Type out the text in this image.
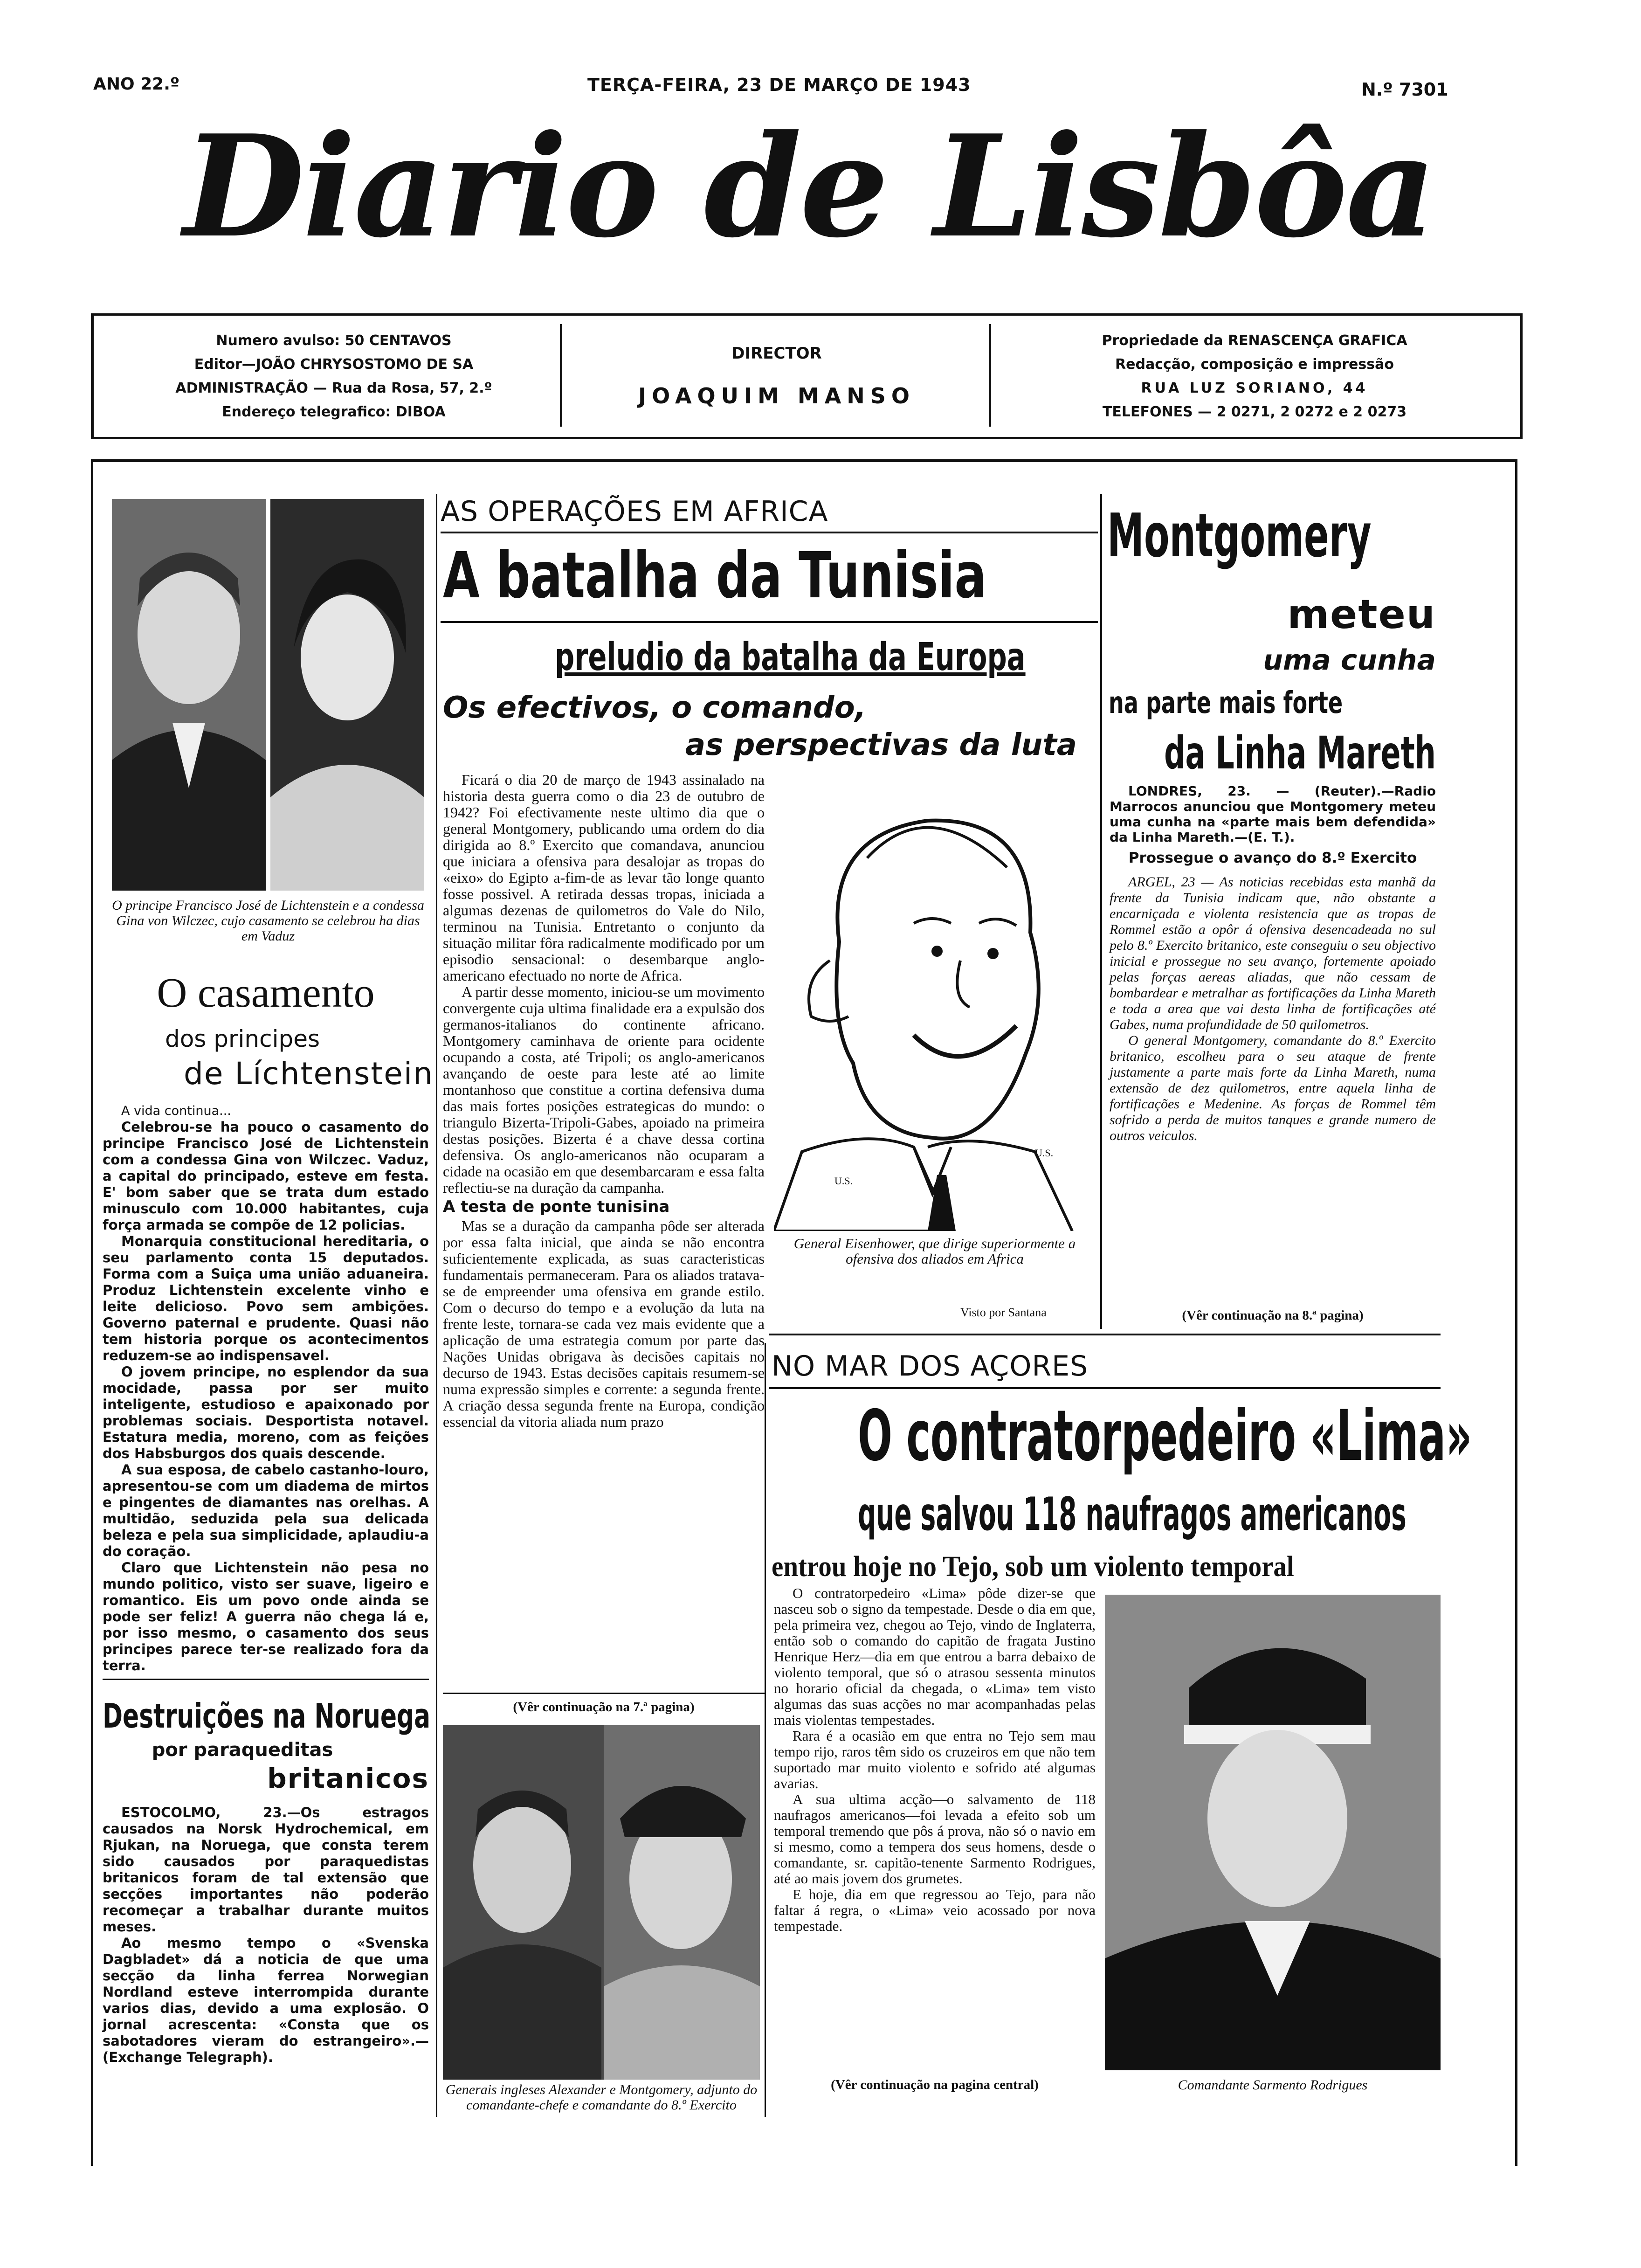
ANO 22.º	TERÇA-FEIRA, 23 DE MARÇO DE 1943	N.º 7301
Diario de Lisbôa
Numero avulso: 50 CENTAVOS
Editor—JOÃO CHRYSOSTOMO DE SA
ADMINISTRAÇÃO — Rua da Rosa, 57, 2.º
Endereço telegrafico: DIBOA
DIRECTOR
JOAQUIM MANSO
Propriedade da RENASCENÇA GRAFICA
Redacção, composição e impressão
RUA LUZ SORIANO, 44
TELEFONES — 2 0271, 2 0272 e 2 0273
O principe Francisco José de Lichtenstein e a condessa Gina von Wilczec, cujo casamento se celebrou ha dias em Vaduz
O casamento
dos principes
de Líchtenstein

A vida continua...

Celebrou-se ha pouco o casamento do principe Francisco José de Lichtenstein com a condessa Gina von Wilczec. Vaduz, a capital do principado, esteve em festa. E' bom saber que se trata dum estado minusculo com 10.000 habitantes, cuja força armada se compõe de 12 policias.

Monarquia constitucional hereditaria, o seu parlamento conta 15 deputados. Forma com a Suiça uma união aduaneira. Produz Lichtenstein excelente vinho e leite delicioso. Povo sem ambições. Governo paternal e prudente. Quasi não tem historia porque os acontecimentos reduzem-se ao indispensavel.

O jovem principe, no esplendor da sua mocidade, passa por ser muito inteligente, estudioso e apaixonado por problemas sociais. Desportista notavel. Estatura media, moreno, com as feições dos Habsburgos dos quais descende.

A sua esposa, de cabelo castanho-louro, apresentou-se com um diadema de mirtos e pingentes de diamantes nas orelhas. A multidão, seduzida pela sua delicada beleza e pela sua simplicidade, aplaudiu-a do coração.

Claro que Lichtenstein não pesa no mundo politico, visto ser suave, ligeiro e romantico. Eis um povo onde ainda se pode ser feliz! A guerra não chega lá e, por isso mesmo, o casamento dos seus principes parece ter-se realizado fora da terra.

Destruições na Noruega
por paraqueditas
britanicos

ESTOCOLMO, 23.—Os estragos causados na Norsk Hydrochemical, em Rjukan, na Noruega, que consta terem sido causados por paraquedistas britanicos foram de tal extensão que secções importantes não poderão recomeçar a trabalhar durante muitos meses.

Ao mesmo tempo o «Svenska Dagbladet» dá a noticia de que uma secção da linha ferrea Norwegian Nordland esteve interrompida durante varios dias, devido a uma explosão. O jornal acrescenta: «Consta que os sabotadores vieram do estrangeiro».—(Exchange Telegraph).

AS OPERAÇÕES EM AFRICA
A batalha da Tunisia
preludio da batalha da Europa
Os efectivos, o comando,
as perspectivas da luta

Ficará o dia 20 de março de 1943 assinalado na historia desta guerra como o dia 23 de outubro de 1942? Foi efectivamente neste ultimo dia que o general Montgomery, publicando uma ordem do dia dirigida ao 8.º Exercito que comandava, anunciou que iniciara a ofensiva para desalojar as tropas do «eixo» do Egipto a-fim-de as levar tão longe quanto fosse possivel. A retirada dessas tropas, iniciada a algumas dezenas de quilometros do Vale do Nilo, terminou na Tunisia. Entretanto o conjunto da situação militar fôra radicalmente modificado por um episodio sensacional: o desembarque anglo-americano efectuado no norte de Africa.

A partir desse momento, iniciou-se um movimento convergente cuja ultima finalidade era a expulsão dos germanos-italianos do continente africano. Montgomery caminhava de oriente para ocidente ocupando a costa, até Tripoli; os anglo-americanos avançando de oeste para leste até ao limite montanhoso que constitue a cortina defensiva duma das mais fortes posições estrategicas do mundo: o triangulo Bizerta-Tripoli-Gabes, apoiado na primeira destas posições. Bizerta é a chave dessa cortina defensiva. Os anglo-americanos não ocuparam a cidade na ocasião em que desembarcaram e essa falta reflectiu-se na duração da campanha.

A testa de ponte tunisina

Mas se a duração da campanha pôde ser alterada por essa falta inicial, que ainda se não encontra suficientemente explicada, as suas caracteristicas fundamentais permaneceram. Para os aliados tratava-se de empreender uma ofensiva em grande estilo. Com o decurso do tempo e a evolução da luta na frente leste, tornara-se cada vez mais evidente que a aplicação de uma estrategia comum por parte das Nações Unidas obrigava às decisões capitais no decurso de 1943. Estas decisões capitais resumem-se numa expressão simples e corrente: a segunda frente. A criação dessa segunda frente na Europa, condição essencial da vitoria aliada num prazo

(Vêr continuação na 7.ª pagina)
U.S.
U.S.
General Eisenhower, que dirige superiormente a ofensiva dos aliados em Africa
Visto por Santana
Generais ingleses Alexander e Montgomery, adjunto do comandante-chefe e comandante do 8.º Exercito
Montgomery
meteu
uma cunha
na parte mais forte
da Linha Mareth
LONDRES, 23. — (Reuter).—Radio Marrocos anunciou que Montgomery meteu uma cunha na «parte mais bem defendida» da Linha Mareth.—(E. T.).
Prossegue o avanço do 8.º Exercito

ARGEL, 23 — As noticias recebidas esta manhã da frente da Tunisia indicam que, não obstante a encarniçada e violenta resistencia que as tropas de Rommel estão a opôr á ofensiva desencadeada no sul pelo 8.º Exercito britanico, este conseguiu o seu objectivo inicial e prossegue no seu avanço, fortemente apoiado pelas forças aereas aliadas, que não cessam de bombardear e metralhar as fortificações da Linha Mareth e toda a area que vai desta linha de fortificações até Gabes, numa profundidade de 50 quilometros.

O general Montgomery, comandante do 8.º Exercito britanico, escolheu para o seu ataque de frente justamente a parte mais forte da Linha Mareth, numa extensão de dez quilometros, entre aquela linha de fortificações e Medenine. As forças de Rommel têm sofrido a perda de muitos tanques e grande numero de outros veiculos.

(Vêr continuação na 8.ª pagina)
NO MAR DOS AÇORES
O contratorpedeiro «Lima»
que salvou 118 naufragos americanos
entrou hoje no Tejo, sob um violento temporal

O contratorpedeiro «Lima» pôde dizer-se que nasceu sob o signo da tempestade. Desde o dia em que, pela primeira vez, chegou ao Tejo, vindo de Inglaterra, então sob o comando do capitão de fragata Justino Henrique Herz—dia em que entrou a barra debaixo de violento temporal, que só o atrasou sessenta minutos no horario oficial da chegada, o «Lima» tem visto algumas das suas acções no mar acompanhadas pelas mais violentas tempestades.

Rara é a ocasião em que entra no Tejo sem mau tempo rijo, raros têm sido os cruzeiros em que não tem suportado mar muito violento e sofrido até algumas avarias.

A sua ultima acção—o salvamento de 118 naufragos americanos—foi levada a efeito sob um temporal tremendo que pôs á prova, não só o navio em si mesmo, como a tempera dos seus homens, desde o comandante, sr. capitão-tenente Sarmento Rodrigues, até ao mais jovem dos grumetes.

E hoje, dia em que regressou ao Tejo, para não faltar á regra, o «Lima» veio acossado por nova tempestade.

(Vêr continuação na pagina central)	Comandante Sarmento Rodrigues
